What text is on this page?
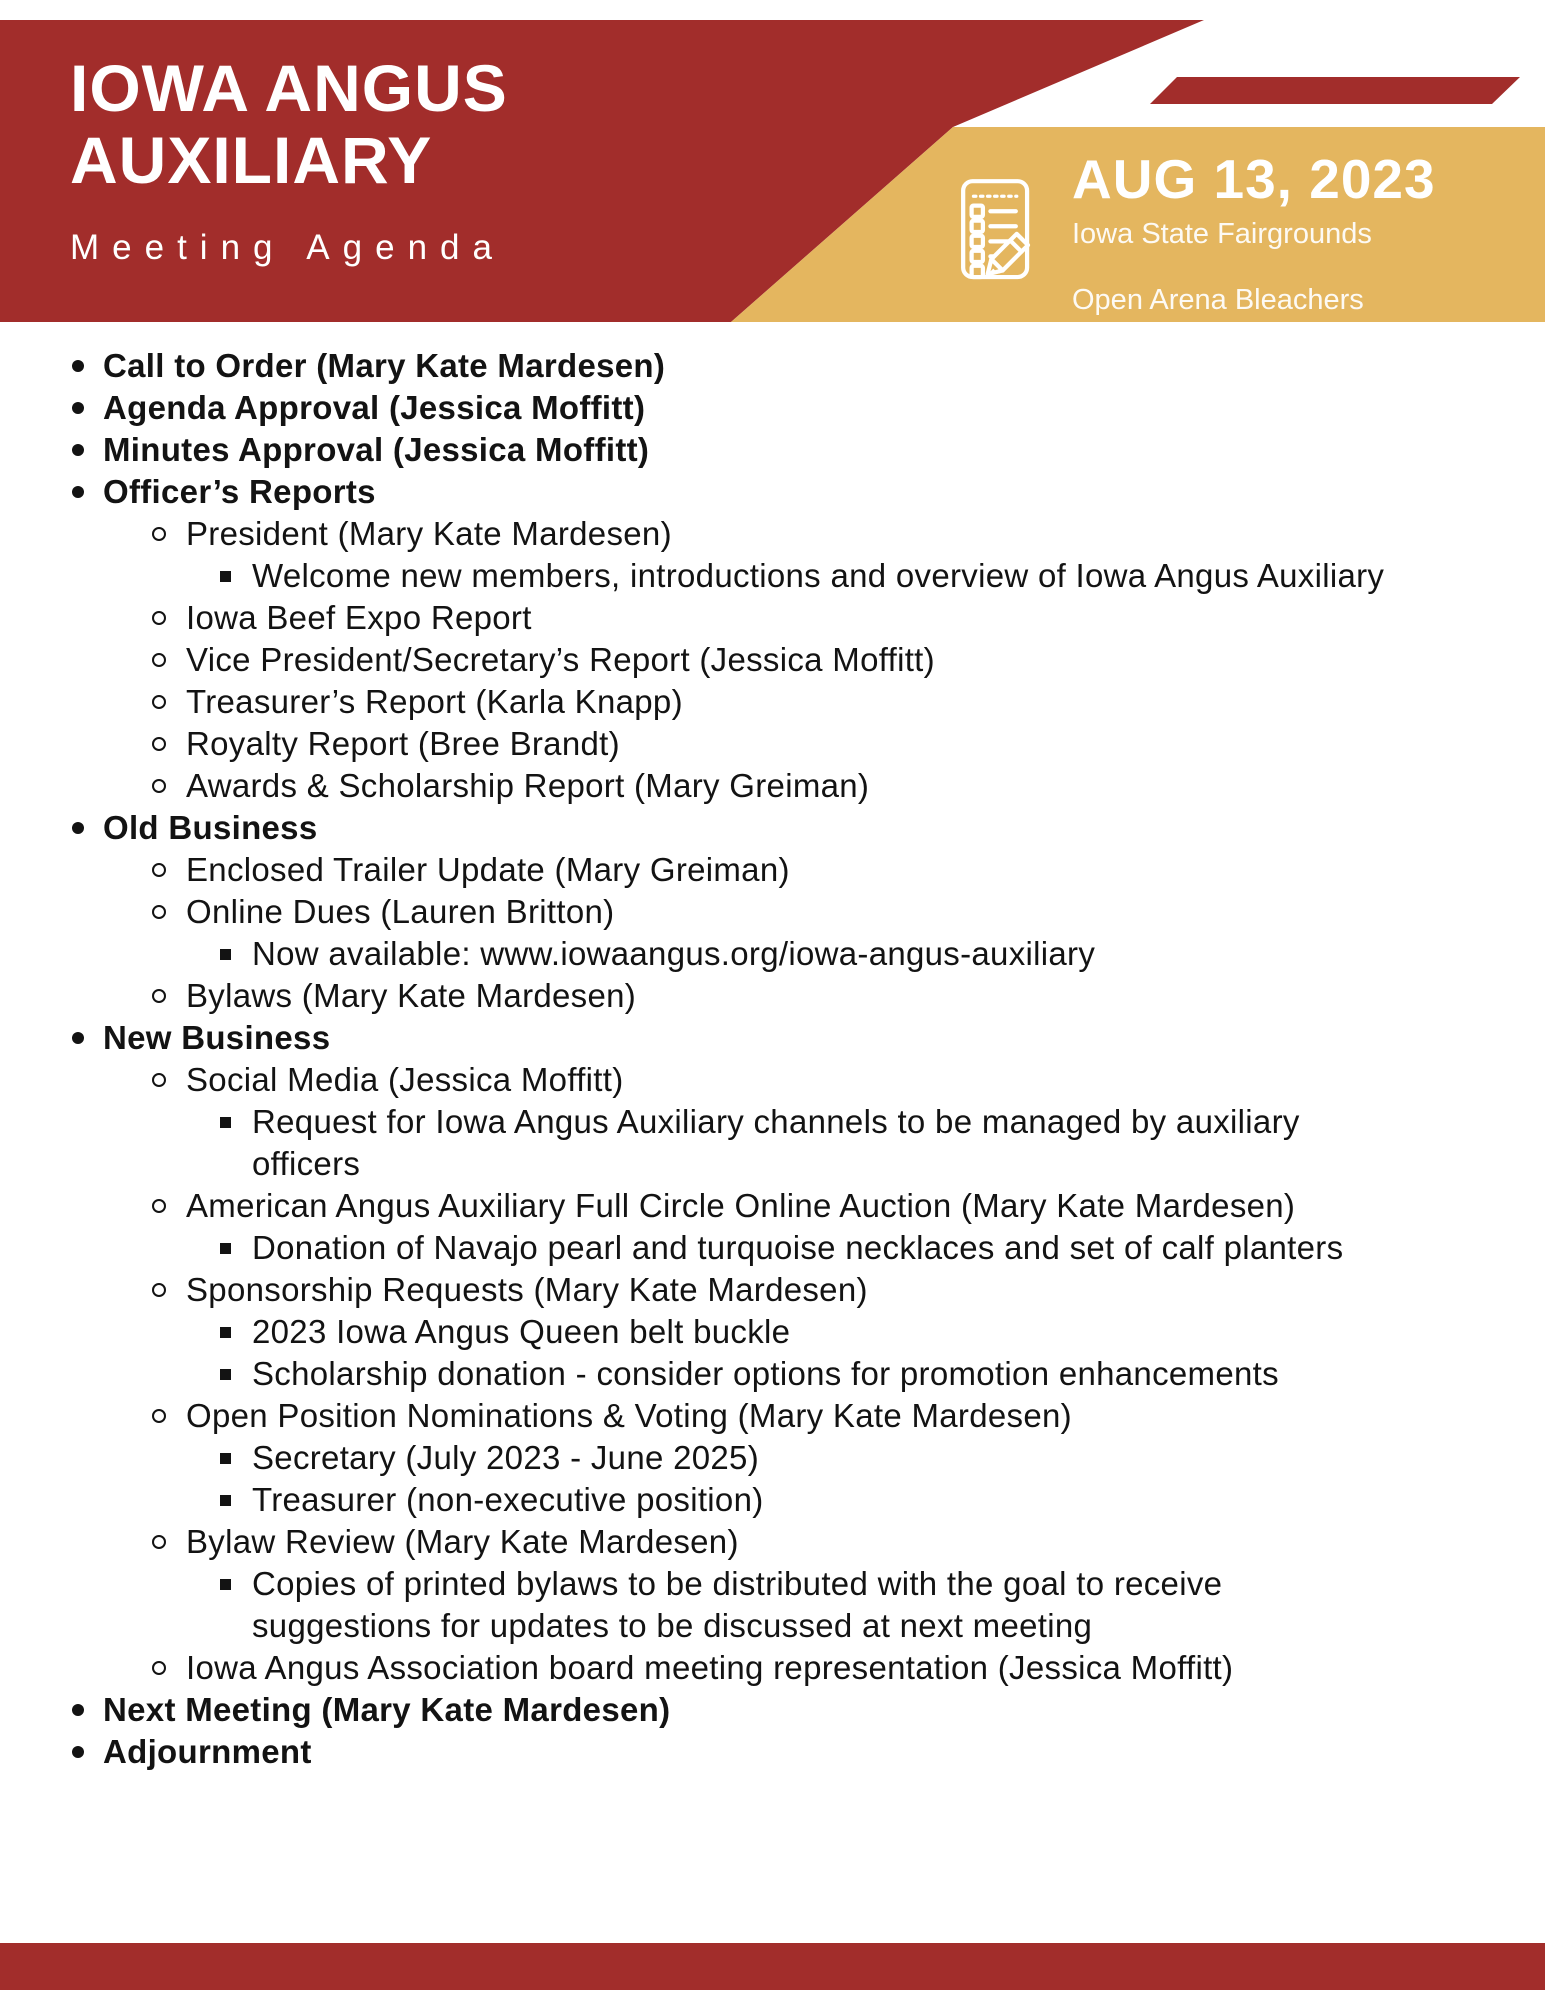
IOWA ANGUS
AUXILIARY
Meeting Agenda
AUG 13, 2023
Iowa State Fairgrounds

Open Arena Bleachers

Call to Order (Mary Kate Mardesen)
Agenda Approval (Jessica Moffitt)
Minutes Approval (Jessica Moffitt)
Officer’s Reports
President (Mary Kate Mardesen)
Welcome new members, introductions and overview of Iowa Angus Auxiliary
Iowa Beef Expo Report
Vice President/Secretary’s Report (Jessica Moffitt)
Treasurer’s Report (Karla Knapp)
Royalty Report (Bree Brandt)
Awards & Scholarship Report (Mary Greiman)
Old Business
Enclosed Trailer Update (Mary Greiman)
Online Dues (Lauren Britton)
Now available: www.iowaangus.org/iowa-angus-auxiliary
Bylaws (Mary Kate Mardesen)
New Business
Social Media (Jessica Moffitt)
Request for Iowa Angus Auxiliary channels to be managed by auxiliary officers
American Angus Auxiliary Full Circle Online Auction (Mary Kate Mardesen)
Donation of Navajo pearl and turquoise necklaces and set of calf planters
Sponsorship Requests (Mary Kate Mardesen)
2023 Iowa Angus Queen belt buckle
Scholarship donation - consider options for promotion enhancements
Open Position Nominations & Voting (Mary Kate Mardesen)
Secretary (July 2023 - June 2025)
Treasurer (non-executive position)
Bylaw Review (Mary Kate Mardesen)
Copies of printed bylaws to be distributed with the goal to receive suggestions for updates to be discussed at next meeting
Iowa Angus Association board meeting representation (Jessica Moffitt)
Next Meeting (Mary Kate Mardesen)
Adjournment
